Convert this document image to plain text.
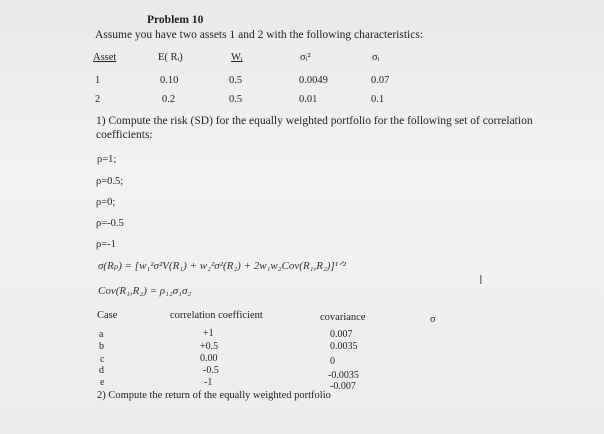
Problem 10
Assume you have two assets 1 and 2 with the following characteristics:
Asset	E( Rᵢ)	Wᵢ	σᵢ²	σᵢ
1	0.10	0.5	0.0049	0.07
2	0.2	0.5	0.01	0.1
1) Compute the risk (SD) for the equally weighted portfolio for the following set of correlation
coefficients:
ρ=1;
ρ=0.5;
ρ=0;
ρ=-0.5
ρ=-1
σ(Rₚ) = [w₁²σ²V(R₁) + w₂²σ²(R₂) + 2w₁w₂Cov(R₁,R₂)]¹ᐟ²
Cov(R₁,R₂) = ρ₁₂σ₁σ₂
Case	correlation coefficient	covariance	σ
a	+1	0.007
b	+0.5	0.0035
c	0.00	0
d	-0.5	-0.0035
e	-1	-0.007
2) Compute the return of the equally weighted portfolio
I
